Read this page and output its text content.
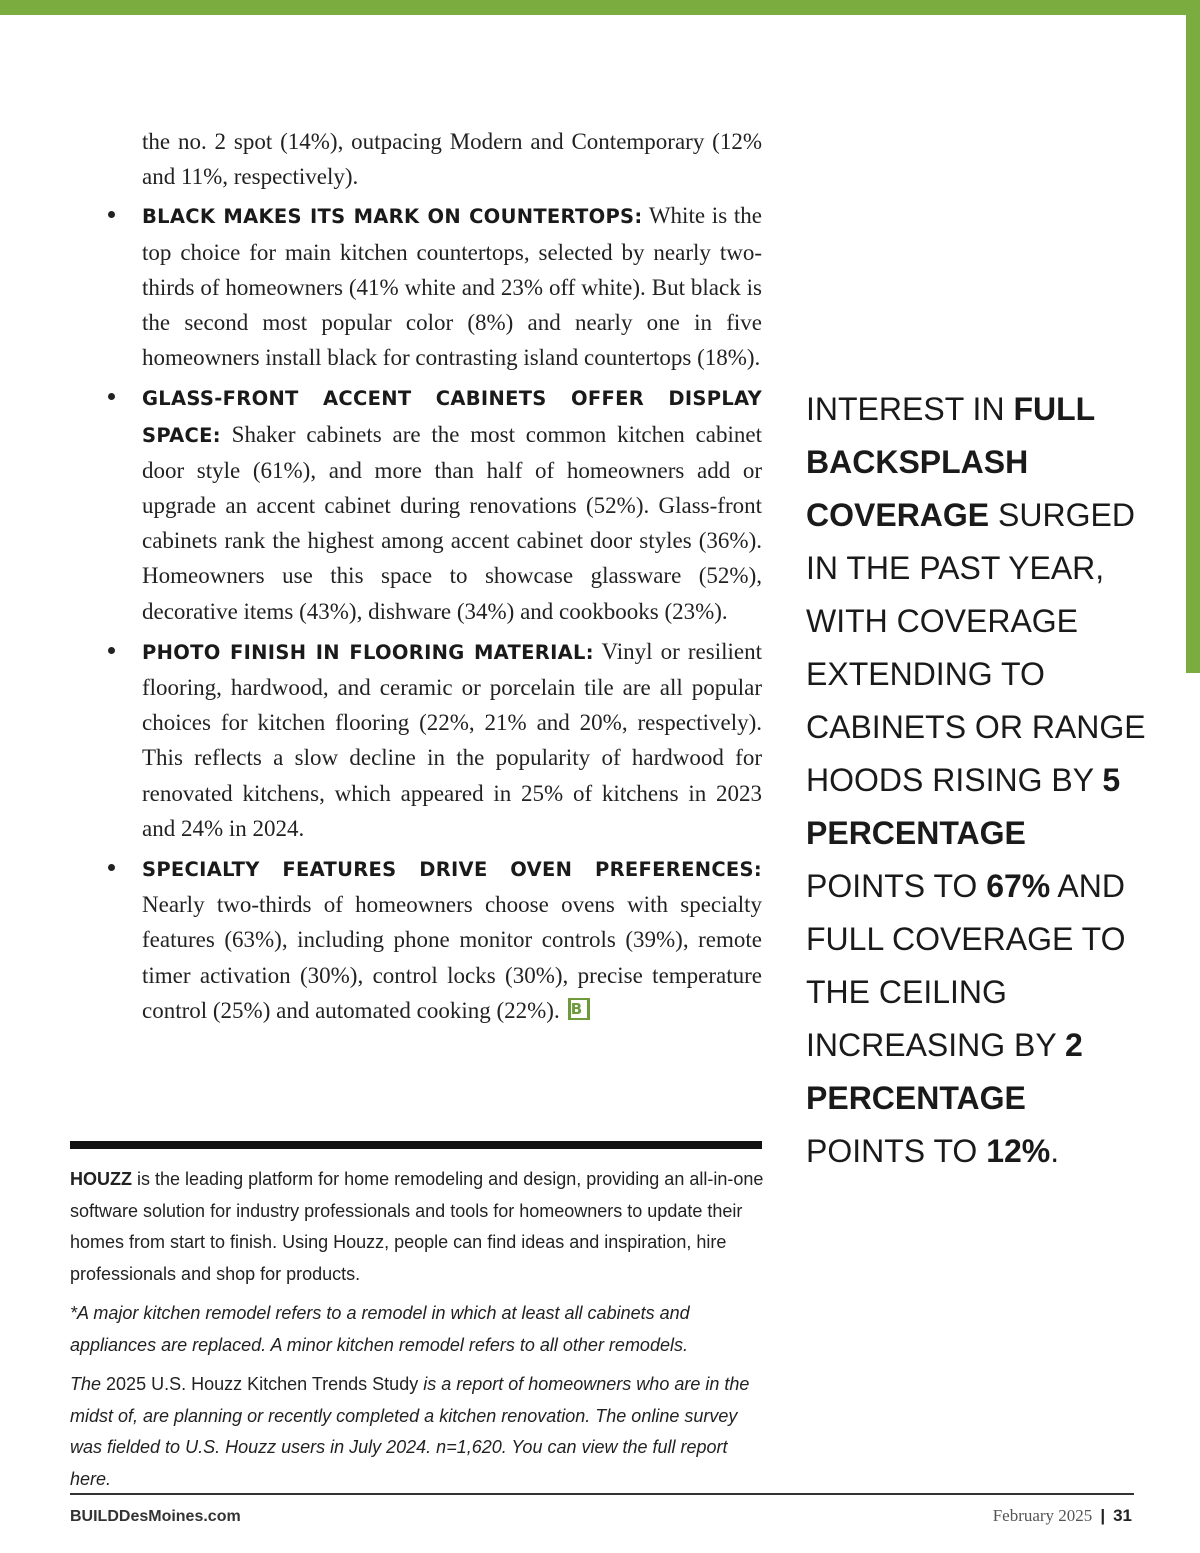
the no. 2 spot (14%), outpacing Modern and Contemporary (12% and 11%, respectively).

BLACK MAKES ITS MARK ON COUNTERTOPS: White is the top choice for main kitchen countertops, selected by nearly two-thirds of homeowners (41% white and 23% off white). But black is the second most popular color (8%) and nearly one in five homeowners install black for contrasting island countertops (18%).
GLASS-FRONT ACCENT CABINETS OFFER DISPLAY SPACE: Shaker cabinets are the most common kitchen cabinet door style (61%), and more than half of homeowners add or upgrade an accent cabinet during renovations (52%). Glass-front cabinets rank the highest among accent cabinet door styles (36%). Homeowners use this space to showcase glassware (52%), decorative items (43%), dishware (34%) and cookbooks (23%).
PHOTO FINISH IN FLOORING MATERIAL: Vinyl or resilient flooring, hardwood, and ceramic or porcelain tile are all popular choices for kitchen flooring (22%, 21% and 20%, respectively). This reflects a slow decline in the popularity of hardwood for renovated kitchens, which appeared in 25% of kitchens in 2023 and 24% in 2024.
SPECIALTY FEATURES DRIVE OVEN PREFERENCES: Nearly two-thirds of homeowners choose ovens with specialty features (63%), including phone monitor controls (39%), remote timer activation (30%), control locks (30%), precise temperature control (25%) and automated cooking (22%). B

HOUZZ is the leading platform for home remodeling and design, providing an all-in-one software solution for industry professionals and tools for homeowners to update their homes from start to finish. Using Houzz, people can find ideas and inspiration, hire professionals and shop for products.

*A major kitchen remodel refers to a remodel in which at least all cabinets and appliances are replaced. A minor kitchen remodel refers to all other remodels.

The 2025 U.S. Houzz Kitchen Trends Study is a report of homeowners who are in the midst of, are planning or recently completed a kitchen renovation. The online survey was fielded to U.S. Houzz users in July 2024. n=1,620. You can view the full report here.

INTEREST IN FULL BACKSPLASH COVERAGE SURGED IN THE PAST YEAR, WITH COVERAGE EXTENDING TO CABINETS OR RANGE HOODS RISING BY 5 PERCENTAGE POINTS TO 67% AND FULL COVERAGE TO THE CEILING INCREASING BY 2 PERCENTAGE POINTS TO 12%.
BUILDDesMoines.com	February 2025 | 31
